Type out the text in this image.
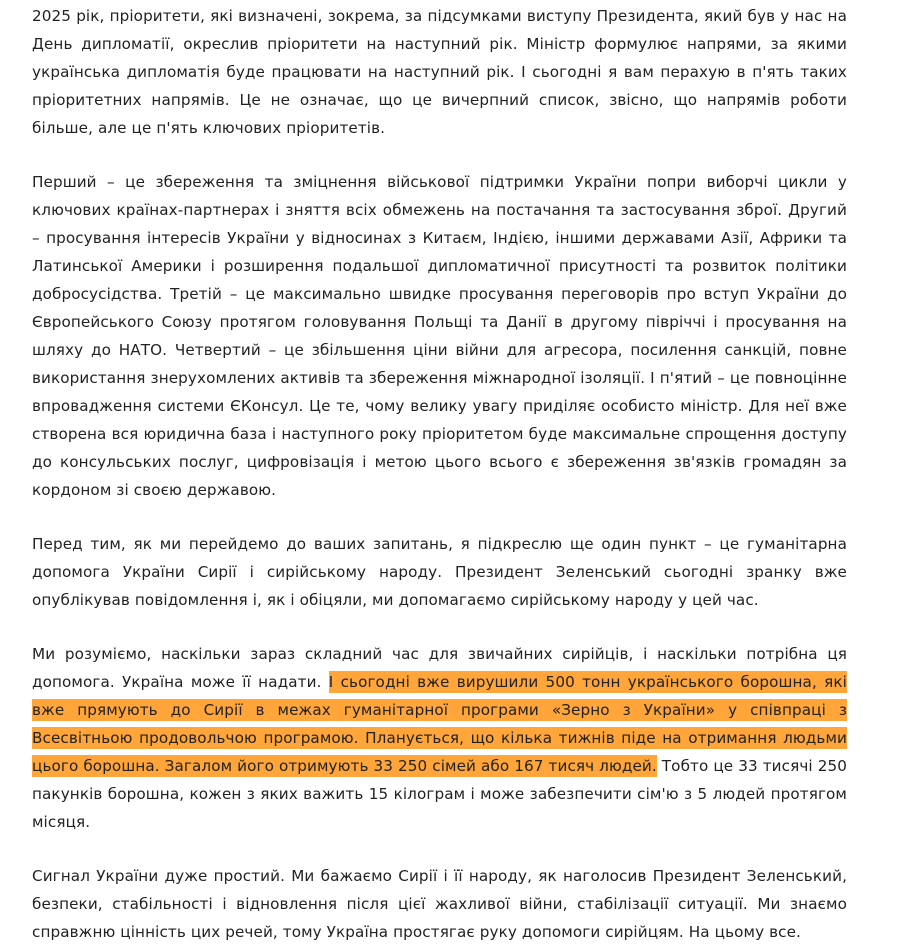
2025 рік, пріоритети, які визначені, зокрема, за підсумками виступу Президента, який був у нас на День дипломатії, окреслив пріоритети на наступний рік. Міністр формулює напрями, за якими українська дипломатія буде працювати на наступний рік. І сьогодні я вам перахую в п'ять таких пріоритетних напрямів. Це не означає, що це вичерпний список, звісно, що напрямів роботи більше, але це п'ять ключових пріоритетів.

Перший – це збереження та зміцнення військової підтримки України попри виборчі цикли у ключових країнах-партнерах і зняття всіх обмежень на постачання та застосування зброї. Другий – просування інтересів України у відносинах з Китаєм, Індією, іншими державами Азії, Африки та Латинської Америки і розширення подальшої дипломатичної присутності та розвиток політики добросусідства. Третій – це максимально швидке просування переговорів про вступ України до Європейського Союзу протягом головування Польщі та Данії в другому півріччі і просування на шляху до НАТО. Четвертий – це збільшення ціни війни для агресора, посилення санкцій, повне використання знерухомлених активів та збереження міжнародної ізоляції. І п'ятий – це повноцінне впровадження системи ЄКонсул. Це те, чому велику увагу приділяє особисто міністр. Для неї вже створена вся юридична база і наступного року пріоритетом буде максимальне спрощення доступу до консульських послуг, цифровізація і метою цього всього є збереження зв'язків громадян за кордоном зі своєю державою.

Перед тим, як ми перейдемо до ваших запитань, я підкреслю ще один пункт – це гуманітарна допомога України Сирії і сирійському народу. Президент Зеленський сьогодні зранку вже опублікував повідомлення і, як і обіцяли, ми допомагаємо сирійському народу у цей час.

Ми розуміємо, наскільки зараз складний час для звичайних сирійців, і наскільки потрібна ця допомога. Україна може її надати. І сьогодні вже вирушили 500 тонн українського борошна, які вже прямують до Сирії в межах гуманітарної програми «Зерно з України» у співпраці з Всесвітньою продовольчою програмою. Планується, що кілька тижнів піде на отримання людьми цього борошна. Загалом його отримують 33 250 сімей або 167 тисяч людей. Тобто це 33 тисячі 250 пакунків борошна, кожен з яких важить 15 кілограм і може забезпечити сім'ю з 5 людей протягом місяця.

Сигнал України дуже простий. Ми бажаємо Сирії і її народу, як наголосив Президент Зеленський, безпеки, стабільності і відновлення після цієї жахливої війни, стабілізації ситуації. Ми знаємо справжню цінність цих речей, тому Україна простягає руку допомоги сирійцям. На цьому все.
